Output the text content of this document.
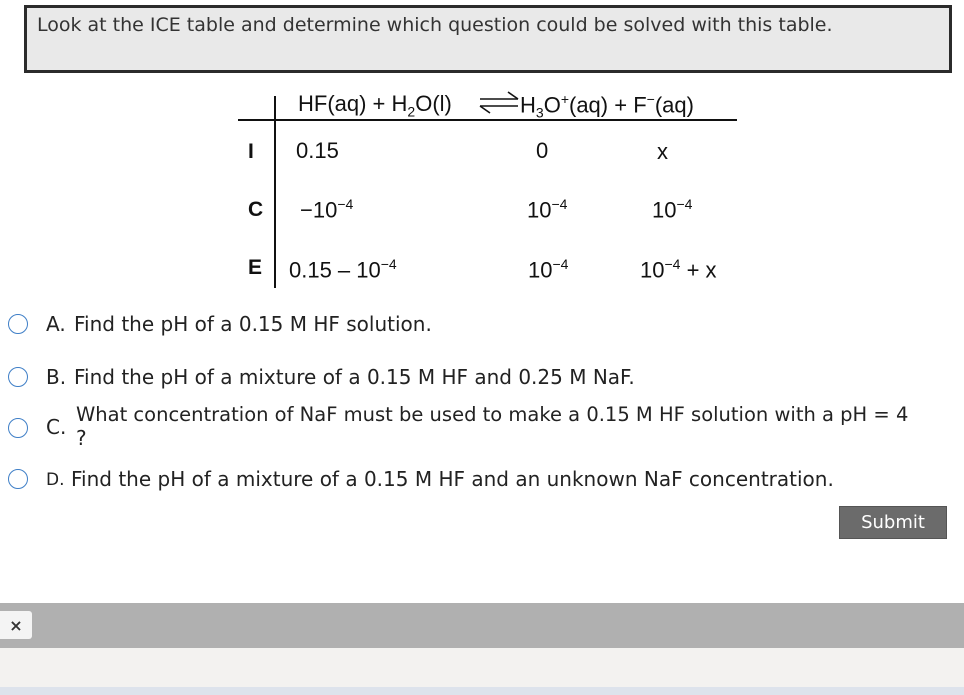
Look at the ICE table and determine which question could be solved with this table.
$HF(aq) + H_2O(l)$ ⇌ $H_3O^+(aq) + F^-(aq)$
I 0.15	0	x
$C -10^{-4}$	$10^{-4}$	$10^{-4}$
E $0.15 - 10^{-4}$	$10^{-4}$	$10^{-4} + x$
A. Find the pH of a 0.15 M HF solution.
B. Find the pH of a mixture of a 0.15 M HF and 0.25 M NaF.
C.
What concentration of NaF must be used to make a 0.15 M HF solution with a pH = 4
?
D. Find the pH of a mixture of a 0.15 M HF and an unknown NaF concentration.
Submit
×
